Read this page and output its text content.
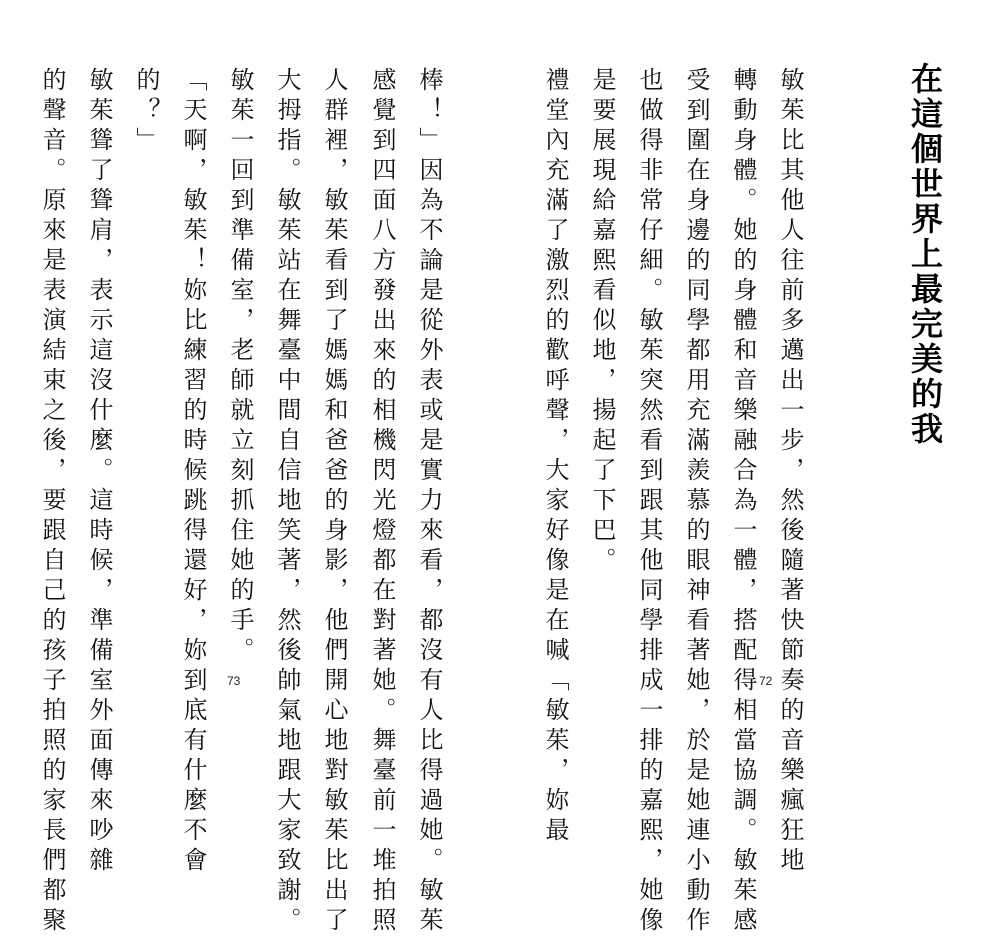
棒！」因為不論是從外表或是實力來看，都沒有人比得過她。敏茱
感覺到四面八方發出來的相機閃光燈都在對著她。舞臺前一堆拍照
人群裡，敏茱看到了媽媽和爸爸的身影，他們開心地對敏茱比出了
大拇指。敏茱站在舞臺中間自信地笑著，然後帥氣地跟大家致謝。
敏茱一回到準備室，老師就立刻抓住她的手。
「天啊，敏茱！妳比練習的時候跳得還好，妳到底有什麼不會
的？」
敏茱聳了聳肩，表示這沒什麼。這時候，準備室外面傳來吵雜
的聲音。原來是表演結束之後，要跟自己的孩子拍照的家長們都聚	73
在這個世界上最完美的我
敏茱比其他人往前多邁出一步，然後隨著快節奏的音樂瘋狂地
轉動身體。她的身體和音樂融合為一體，搭配得相當協調。敏茱感
受到圍在身邊的同學都用充滿羨慕的眼神看著她，於是她連小動作
也做得非常仔細。敏茱突然看到跟其他同學排成一排的嘉熙，她像
是要展現給嘉熙看似地，揚起了下巴。
禮堂內充滿了激烈的歡呼聲，大家好像是在喊「敏茱，妳最	72
